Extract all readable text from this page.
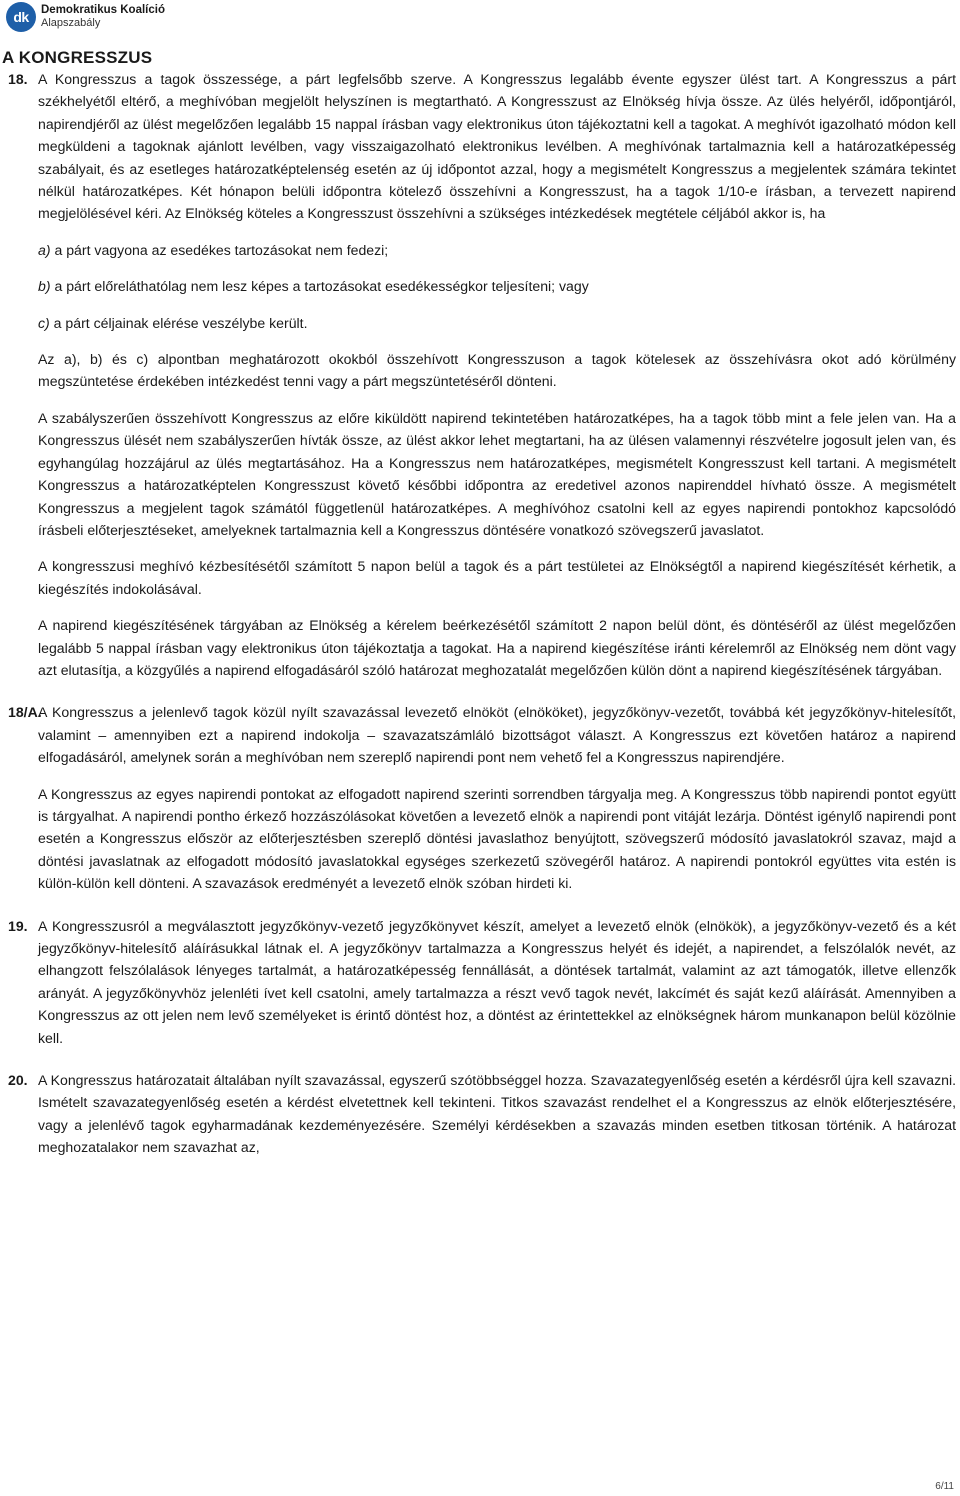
dk	Demokratikus Koalíció
Alapszabály
A KONGRESSZUS

18. A Kongresszus a tagok összessége, a párt legfelsőbb szerve. A Kongresszus legalább évente egyszer ülést tart. A Kongresszus a párt székhelyétől eltérő, a meghívóban megjelölt helyszínen is megtartható. A Kongresszust az Elnökség hívja össze. Az ülés helyéről, időpontjáról, napirendjéről az ülést megelőzően legalább 15 nappal írásban vagy elektronikus úton tájékoztatni kell a tagokat. A meghívót igazolható módon kell megküldeni a tagoknak ajánlott levélben, vagy visszaigazolható elektronikus levélben. A meghívónak tartalmaznia kell a határozatképesség szabályait, és az esetleges határozatképtelenség esetén az új időpontot azzal, hogy a megismételt Kongresszus a megjelentek számára tekintet nélkül határozatképes. Két hónapon belüli időpontra kötelező összehívni a Kongresszust, ha a tagok 1/10-e írásban, a tervezett napirend megjelölésével kéri. Az Elnökség köteles a Kongresszust összehívni a szükséges intézkedések megtétele céljából akkor is, ha

a) a párt vagyona az esedékes tartozásokat nem fedezi;

b) a párt előreláthatólag nem lesz képes a tartozásokat esedékességkor teljesíteni; vagy

c) a párt céljainak elérése veszélybe került.

Az a), b) és c) alpontban meghatározott okokból összehívott Kongresszuson a tagok kötelesek az összehívásra okot adó körülmény megszüntetése érdekében intézkedést tenni vagy a párt megszüntetéséről dönteni.

A szabályszerűen összehívott Kongresszus az előre kiküldött napirend tekintetében határozatképes, ha a tagok több mint a fele jelen van. Ha a Kongresszus ülését nem szabályszerűen hívták össze, az ülést akkor lehet megtartani, ha az ülésen valamennyi részvételre jogosult jelen van, és egyhangúlag hozzájárul az ülés megtartásához. Ha a Kongresszus nem határozatképes, megismételt Kongresszust kell tartani. A megismételt Kongresszus a határozatképtelen Kongresszust követő későbbi időpontra az eredetivel azonos napirenddel hívható össze. A megismételt Kongresszus a megjelent tagok számától függetlenül határozatképes. A meghívóhoz csatolni kell az egyes napirendi pontokhoz kapcsolódó írásbeli előterjesztéseket, amelyeknek tartalmaznia kell a Kongresszus döntésére vonatkozó szövegszerű javaslatot.

A kongresszusi meghívó kézbesítésétől számított 5 napon belül a tagok és a párt testületei az Elnökségtől a napirend kiegészítését kérhetik, a kiegészítés indokolásával.

A napirend kiegészítésének tárgyában az Elnökség a kérelem beérkezésétől számított 2 napon belül dönt, és döntéséről az ülést megelőzően legalább 5 nappal írásban vagy elektronikus úton tájékoztatja a tagokat. Ha a napirend kiegészítése iránti kérelemről az Elnökség nem dönt vagy azt elutasítja, a közgyűlés a napirend elfogadásáról szóló határozat meghozatalát megelőzően külön dönt a napirend kiegészítésének tárgyában.

18/A.
A Kongresszus a jelenlevő tagok közül nyílt szavazással levezető elnököt (elnököket), jegyzőkönyv-vezetőt, továbbá két jegyzőkönyv-hitelesítőt, valamint – amennyiben ezt a napirend indokolja – szavazatszámláló bizottságot választ. A Kongresszus ezt követően határoz a napirend elfogadásáról, amelynek során a meghívóban nem szereplő napirendi pont nem vehető fel a Kongresszus napirendjére.

A Kongresszus az egyes napirendi pontokat az elfogadott napirend szerinti sorrendben tárgyalja meg. A Kongresszus több napirendi pontot együtt is tárgyalhat. A napirendi pontho érkező hozzászólásokat követően a levezető elnök a napirendi pont vitáját lezárja. Döntést igénylő napirendi pont esetén a Kongresszus először az előterjesztésben szereplő döntési javaslathoz benyújtott, szövegszerű módosító javaslatokról szavaz, majd a döntési javaslatnak az elfogadott módosító javaslatokkal egységes szerkezetű szövegéről határoz. A napirendi pontokról együttes vita estén is külön-külön kell dönteni. A szavazások eredményét a levezető elnök szóban hirdeti ki.

19. A Kongresszusról a megválasztott jegyzőkönyv-vezető jegyzőkönyvet készít, amelyet a levezető elnök (elnökök), a jegyzőkönyv-vezető és a két jegyzőkönyv-hitelesítő aláírásukkal látnak el. A jegyzőkönyv tartalmazza a Kongresszus helyét és idejét, a napirendet, a felszólalók nevét, az elhangzott felszólalások lényeges tartalmát, a határozatképesség fennállását, a döntések tartalmát, valamint az azt támogatók, illetve ellenzők arányát. A jegyzőkönyvhöz jelenléti ívet kell csatolni, amely tartalmazza a részt vevő tagok nevét, lakcímét és saját kezű aláírását. Amennyiben a Kongresszus az ott jelen nem levő személyeket is érintő döntést hoz, a döntést az érintettekkel az elnökségnek három munkanapon belül közölnie kell.

20. A Kongresszus határozatait általában nyílt szavazással, egyszerű szótöbbséggel hozza. Szavazategyenlőség esetén a kérdésről újra kell szavazni. Ismételt szavazategyenlőség esetén a kérdést elvetettnek kell tekinteni. Titkos szavazást rendelhet el a Kongresszus az elnök előterjesztésére, vagy a jelenlévő tagok egyharmadának kezdeményezésére. Személyi kérdésekben a szavazás minden esetben titkosan történik. A határozat meghozatalakor nem szavazhat az,

6/11
